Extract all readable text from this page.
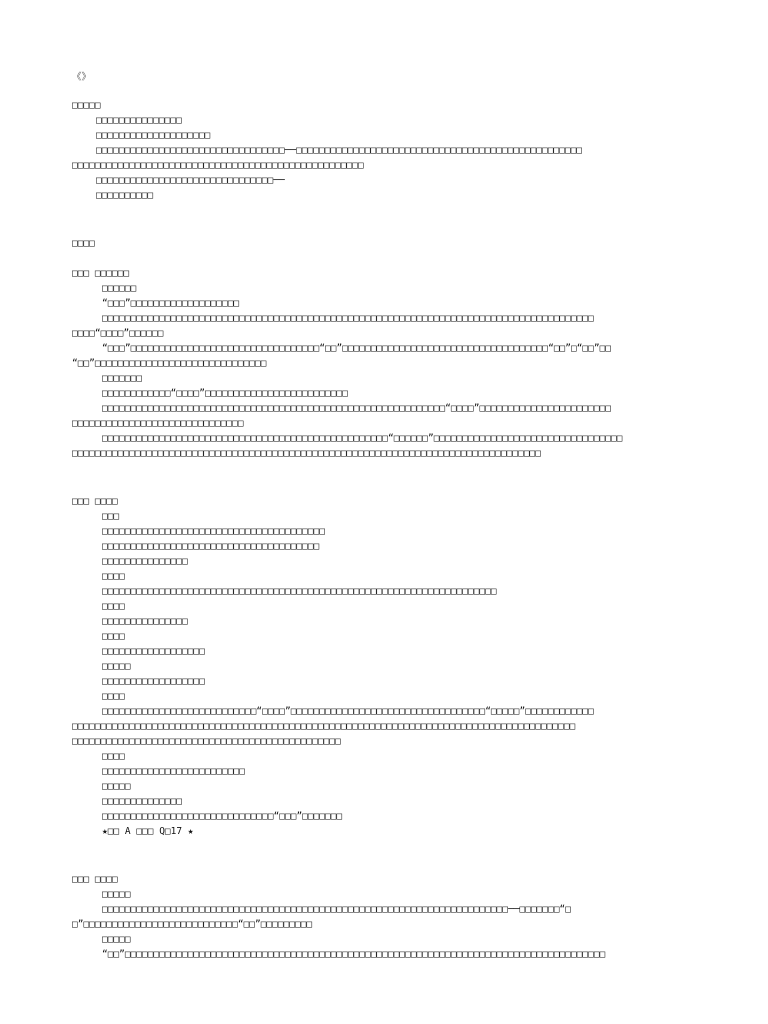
《》
□□□□□
□□□□□□□□□□□□□□□
□□□□□□□□□□□□□□□□□□□□
□□□□□□□□□□□□□□□□□□□□□□□□□□□□□□□□□──□□□□□□□□□□□□□□□□□□□□□□□□□□□□□□□□□□□□□□□□□□□□□□□□□□
□□□□□□□□□□□□□□□□□□□□□□□□□□□□□□□□□□□□□□□□□□□□□□□□□□□
□□□□□□□□□□□□□□□□□□□□□□□□□□□□□□□──
□□□□□□□□□□
□□□□
□□□ □□□□□□
□□□□□□
“□□□”□□□□□□□□□□□□□□□□□□□
□□□□□□□□□□□□□□□□□□□□□□□□□□□□□□□□□□□□□□□□□□□□□□□□□□□□□□□□□□□□□□□□□□□□□□□□□□□□□□□□□□□□□□
□□□□“□□□□”□□□□□□
“□□□”□□□□□□□□□□□□□□□□□□□□□□□□□□□□□□□□□“□□”□□□□□□□□□□□□□□□□□□□□□□□□□□□□□□□□□□□□“□□”□“□□”□□
“□□”□□□□□□□□□□□□□□□□□□□□□□□□□□□□□□
□□□□□□□
□□□□□□□□□□□□“□□□□”□□□□□□□□□□□□□□□□□□□□□□□□□
□□□□□□□□□□□□□□□□□□□□□□□□□□□□□□□□□□□□□□□□□□□□□□□□□□□□□□□□□□□□“□□□□”□□□□□□□□□□□□□□□□□□□□□□□
□□□□□□□□□□□□□□□□□□□□□□□□□□□□□□
□□□□□□□□□□□□□□□□□□□□□□□□□□□□□□□□□□□□□□□□□□□□□□□□□□“□□□□□□”□□□□□□□□□□□□□□□□□□□□□□□□□□□□□□□□□
□□□□□□□□□□□□□□□□□□□□□□□□□□□□□□□□□□□□□□□□□□□□□□□□□□□□□□□□□□□□□□□□□□□□□□□□□□□□□□□□□□
□□□ □□□□
□□□
□□□□□□□□□□□□□□□□□□□□□□□□□□□□□□□□□□□□□□□
□□□□□□□□□□□□□□□□□□□□□□□□□□□□□□□□□□□□□□
□□□□□□□□□□□□□□□
□□□□
□□□□□□□□□□□□□□□□□□□□□□□□□□□□□□□□□□□□□□□□□□□□□□□□□□□□□□□□□□□□□□□□□□□□□
□□□□
□□□□□□□□□□□□□□□
□□□□
□□□□□□□□□□□□□□□□□□
□□□□□
□□□□□□□□□□□□□□□□□□
□□□□
□□□□□□□□□□□□□□□□□□□□□□□□□□□“□□□□”□□□□□□□□□□□□□□□□□□□□□□□□□□□□□□□□□□“□□□□□”□□□□□□□□□□□□
□□□□□□□□□□□□□□□□□□□□□□□□□□□□□□□□□□□□□□□□□□□□□□□□□□□□□□□□□□□□□□□□□□□□□□□□□□□□□□□□□□□□□□□□
□□□□□□□□□□□□□□□□□□□□□□□□□□□□□□□□□□□□□□□□□□□□□□□
□□□□
□□□□□□□□□□□□□□□□□□□□□□□□□
□□□□□
□□□□□□□□□□□□□□
□□□□□□□□□□□□□□□□□□□□□□□□□□□□□□“□□□”□□□□□□□
★□□ A □□□ Q□17 ★
□□□ □□□□
□□□□□
□□□□□□□□□□□□□□□□□□□□□□□□□□□□□□□□□□□□□□□□□□□□□□□□□□□□□□□□□□□□□□□□□□□□□□□──□□□□□□□“□
□”□□□□□□□□□□□□□□□□□□□□□□□□□□□“□□”□□□□□□□□□
□□□□□
“□□”□□□□□□□□□□□□□□□□□□□□□□□□□□□□□□□□□□□□□□□□□□□□□□□□□□□□□□□□□□□□□□□□□□□□□□□□□□□□□□□□□□□□
